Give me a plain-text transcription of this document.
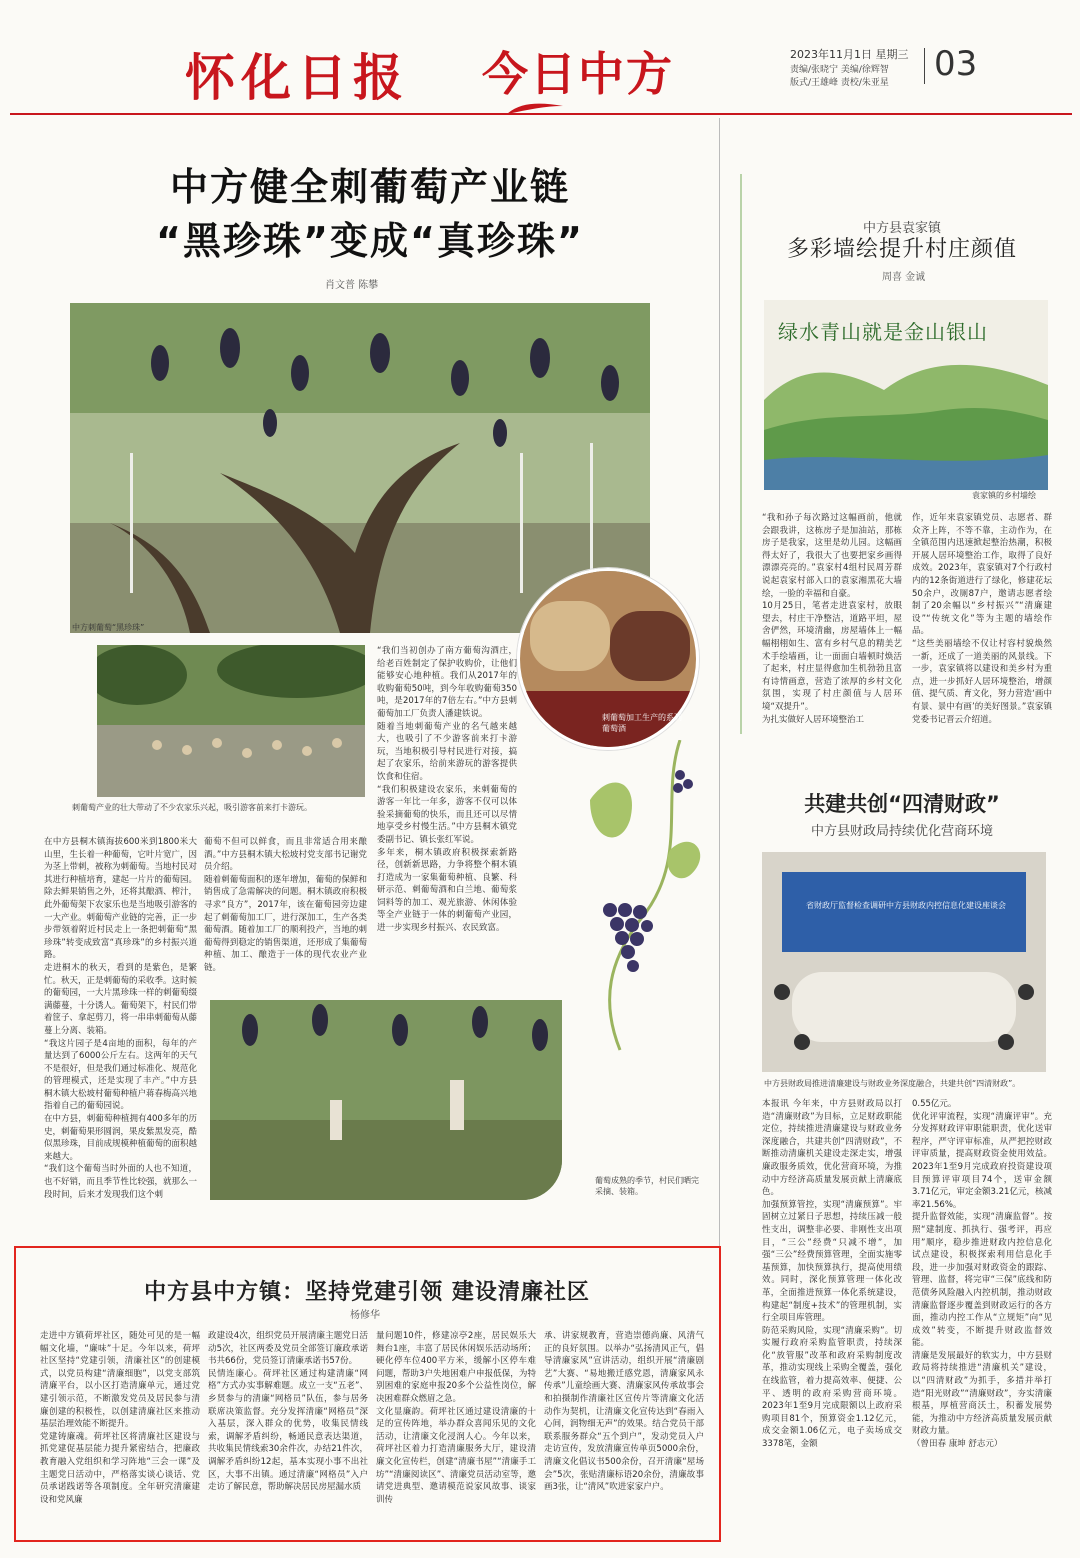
怀化日报 今日中方	2023年11月1日 星期三
责编/张晓宁 美编/徐辉智
版式/王雄峰 责校/朱亚星	03
中方健全刺葡萄产业链
“黑珍珠”变成“真珍珠”
肖文普 陈攀
中方刺葡萄“黑珍珠”
刺葡萄产业的壮大带动了不少农家乐兴起，吸引游客前来打卡游玩。
刺葡萄加工生产的系列葡萄酒
在中方县桐木镇海拔600米到1800米大山里，生长着一种葡萄，它叶片宽广，因为茎上带刺，被称为刺葡萄。当地村民对其进行种植培育，建起一片片的葡萄园。除去鲜果销售之外，还将其酿酒、榨汁，此外葡萄架下农家乐也是当地吸引游客的一大产业。刺葡萄产业链的完善，正一步步带领着附近村民走上一条把刺葡萄“黑珍珠”转变成致富“真珍珠”的乡村振兴道路。
走进桐木的秋天，看到的是紫色，是繁忙。秋天，正是刺葡萄的采收季。这时候的葡萄园，一大片黑珍珠一样的刺葡萄缀满藤蔓，十分诱人。葡萄架下，村民们带着筐子、拿起剪刀，将一串串刺葡萄从藤蔓上分离、装箱。
“我这片园子是4亩地的面积，每年的产量达到了6000公斤左右。这两年的天气不是很好，但是我们通过标准化、规范化的管理模式，还是实现了丰产。”中方县桐木镇大松坡村葡萄种植户蒋春梅高兴地指着自己的葡萄园说。
在中方县，刺葡萄种植拥有400多年的历史，刺葡萄果形圆润，果皮紫黑发亮，酷似黑珍珠，目前成规模种植葡萄的面积越来越大。
“我们这个葡萄当时外面的人也不知道，也不好销，而且季节性比较强，就那么一段时间，后来才发现我们这个刺
葡萄不但可以鲜食，而且非常适合用来酿酒。”中方县桐木镇大松坡村党支部书记谢党员介绍。
随着刺葡萄面积的逐年增加，葡萄的保鲜和销售成了急需解决的问题。桐木镇政府积极寻求“良方”，2017年，该在葡萄园旁边建起了刺葡萄加工厂，进行深加工，生产各类葡萄酒。随着加工厂的顺利投产，当地的刺葡萄得到稳定的销售渠道，还形成了集葡萄种植、加工、酿造于一体的现代农业产业链。
“我们当初创办了南方葡萄沟酒庄，给老百姓制定了保护收购价，让他们能够安心地种植。我们从2017年的收购葡萄50吨，到今年收购葡萄350吨，是2017年的7倍左右。”中方县刺葡萄加工厂负责人潘建铁说。
随着当地刺葡萄产业的名气越来越大，也吸引了不少游客前来打卡游玩，当地积极引导村民进行对接，搞起了农家乐，给前来游玩的游客提供饮食和住宿。
“我们积极建设农家乐，来刺葡萄的游客一年比一年多，游客不仅可以体验采摘葡萄的快乐，而且还可以尽情地享受乡村慢生活。”中方县桐木镇党委副书记、镇长张红军说。
多年来，桐木镇政府积极探索新路径，创新新思路，力争将整个桐木镇打造成为一家集葡萄种植、良繁、科研示范、刺葡萄酒和白兰地、葡萄浆饲料等的加工、观光旅游、休闲体验等全产业链于一体的刺葡萄产业园，进一步实现乡村振兴、农民致富。
葡萄成熟的季节，村民们晒完采摘、装箱。
中方县袁家镇
多彩墙绘提升村庄颜值
周喜 金诚
绿水青山就是金山银山
袁家镇的乡村墙绘
“我和孙子每次路过这幅画前，他就会跟我讲，这栋房子是加油站，那栋房子是我家，这里是幼儿园。这幅画得太好了，我很大了也要把家乡画得漂漂亮亮的。”袁家村4组村民周芳群说起袁家村部入口的袁家湘黑花大墙绘，一脸的幸福和自豪。
10月25日，笔者走进袁家村，放眼望去，村庄干净整洁，道路平坦，屋舍俨然，环境清幽，房屋墙体上一幅幅栩栩如生、富有乡村气息的精美艺术手绘墙画，让一面面白墙顿时焕活了起来，村庄显得愈加生机勃勃且富有诗情画意，营造了浓厚的乡村文化氛围，实现了村庄颜值与人居环境“双提升”。
为扎实做好人居环境整治工
作，近年来袁家镇党员、志愿者、群众齐上阵，不等不靠，主动作为，在全镇范围内迅速掀起整治热潮，积极开展人居环境整治工作，取得了良好成效。2023年，袁家镇对7个行政村内的12条街道进行了绿化，修建花坛50余户，改厕87户，邀请志愿者绘制了20余幅以“乡村振兴”“清廉建设”“传统文化”等为主题的墙绘作品。
“这些美丽墙绘不仅让村容村貌焕然一新，还成了一道美丽的风景线。下一步，袁家镇将以建设和美乡村为重点，进一步抓好人居环境整治，增颜值、提气质、育文化，努力营造‘画中有景、景中有画’的美好图景。”袁家镇党委书记晋云介绍道。
共建共创“四清财政”
中方县财政局持续优化营商环境
省财政厅监督检查调研中方县财政内控信息化建设座谈会
中方县财政局推进清廉建设与财政业务深度融合，共建共创“四清财政”。
本报讯 今年来，中方县财政局以打造“清廉财政”为目标，立足财政职能定位，持续推进清廉建设与财政业务深度融合，共建共创“四清财政”，不断推动清廉机关建设走深走实，增强廉政服务质效，优化营商环境，为推动中方经济高质量发展贡献上清廉底色。
加强预算管控，实现“清廉预算”。牢固树立过紧日子思想，持续压减一般性支出，调整非必要、非刚性支出项目，“三公”经费“只减不增”，加强“三公”经费预算管理，全面实施零基预算，加快预算执行，提高使用绩效。同时，深化预算管理一体化改革，全面推进预算一体化系统建设，构建起“制度+技术”的管理机制，实行全项目库管理。
防范采购风险，实现“清廉采购”。切实履行政府采购监管职责，持续深化“放管服”改革和政府采购制度改革，推动实现线上采购全覆盖，强化在线监管，着力提高效率、便捷、公平、透明的政府采购营商环境。2023年1至9月完成限额以上政府采购项目81个，预算资金1.12亿元，成交金额1.06亿元，电子卖场成交3378笔，金额
0.55亿元。
优化评审流程，实现“清廉评审”。充分发挥财政评审职能职责，优化送审程序，严守评审标准，从严把控财政评审质量，提高财政资金使用效益。2023年1至9月完成政府投资建设项目预算评审项目74个，送审金额3.71亿元，审定金额3.21亿元，核减率21.56%。
提升监督效能，实现“清廉监督”。按照“建制度、抓执行、强考评，再应用”顺序，稳步推进财政内控信息化试点建设，积极探索利用信息化手段，进一步加强对财政资金的跟踪、管理、监督，将完审“三保”底线和防范债务风险融入内控机制，推动财政清廉监督逐步覆盖到财政运行的各方面，推动内控工作从“立规矩”向“见成效”转变，不断提升财政监督效能。
清廉是发展最好的软实力，中方县财政局将持续推进“清廉机关”建设，以“四清财政”为抓手，多措并举打造“阳光财政”“清廉财政”，夯实清廉根基，厚植营商沃土，积蓄发展势能，为推动中方经济高质量发展贡献财政力量。
（曾田春 康坤 舒志元）
中方县中方镇：坚持党建引领 建设清廉社区
杨修华
走进中方镇荷坪社区，随处可见的是一幅幅文化墙，“廉味”十足。今年以来，荷坪社区坚持“党建引领，清廉社区”的创建模式，以党员构建“清廉细胞”，以党支部筑清廉平台，以小区打造清廉单元，通过党建引领示范，不断激发党员及居民参与清廉创建的积极性，以创建清廉社区来推动基层治理效能不断提升。
党建铸廉魂。荷坪社区将清廉社区建设与抓党建促基层能力提升紧密结合，把廉政教育融入党组织和学习阵地“三会一课”及主题党日活动中，严格落实谈心谈话、党员承诺践诺等各项制度。全年研究清廉建设和党风廉
政建设4次，组织党员开展清廉主题党日活动5次，社区两委及党员全部签订廉政承诺书共66份，党员签订清廉承诺书57份。
民情连廉心。荷坪社区通过构建清廉“网格”方式办实事解难题。成立一支“五老”、乡贤参与的清廉“网格员”队伍，参与居务联席决策监督。充分发挥清廉“网格员”深入基层，深入群众的优势，收集民情线索，调解矛盾纠纷，畅通民意表达渠道，共收集民情线索30余件次，办结21件次，调解矛盾纠纷12起，基本实现小事不出社区，大事不出镇。通过清廉“网格员”入户走访了解民意，帮助解决居民房屋漏水质
量问题10件，修建凉亭2座，居民娱乐大舞台1座，丰富了居民休闲娱乐活动场所；硬化停车位400平方米，缓解小区停车难问题，帮助3户失地困难户申报低保，为特别困难的家庭申报20多个公益性岗位，解决困难群众燃眉之急。
文化显廉韵。荷坪社区通过建设清廉的十足的宣传阵地，举办群众喜闻乐见的文化活动，让清廉文化浸润人心。今年以来，荷坪社区着力打造清廉服务大厅，建设清廉文化宣传栏，创建“清廉书屋”“清廉手工坊”“清廉阅读区”、清廉党员活动室等，邀请党进典型、邀请模范说家风故事、谈家训传
承、讲家规教育，营造崇德尚廉、风清气正的良好氛围。以举办“弘扬清风正气，倡导清廉家风”宣讲活动，组织开展“清廉剧艺”大赛、“易地搬迁感党恩，清廉家风永传承”儿童绘画大赛、清廉家风传承故事会和拍摄制作清廉社区宣传片等清廉文化活动作为契机，让清廉文化宣传达到“春雨入心间，润物细无声”的效果。结合党员干部联系服务群众“五个到户”，发动党员入户走访宣传，发放清廉宣传单页5000余份，清廉文化倡议书500余份，召开清廉“屋场会”5次，张贴清廉标语20余份，清廉故事画3张，让“清风”吹进家家户户。
